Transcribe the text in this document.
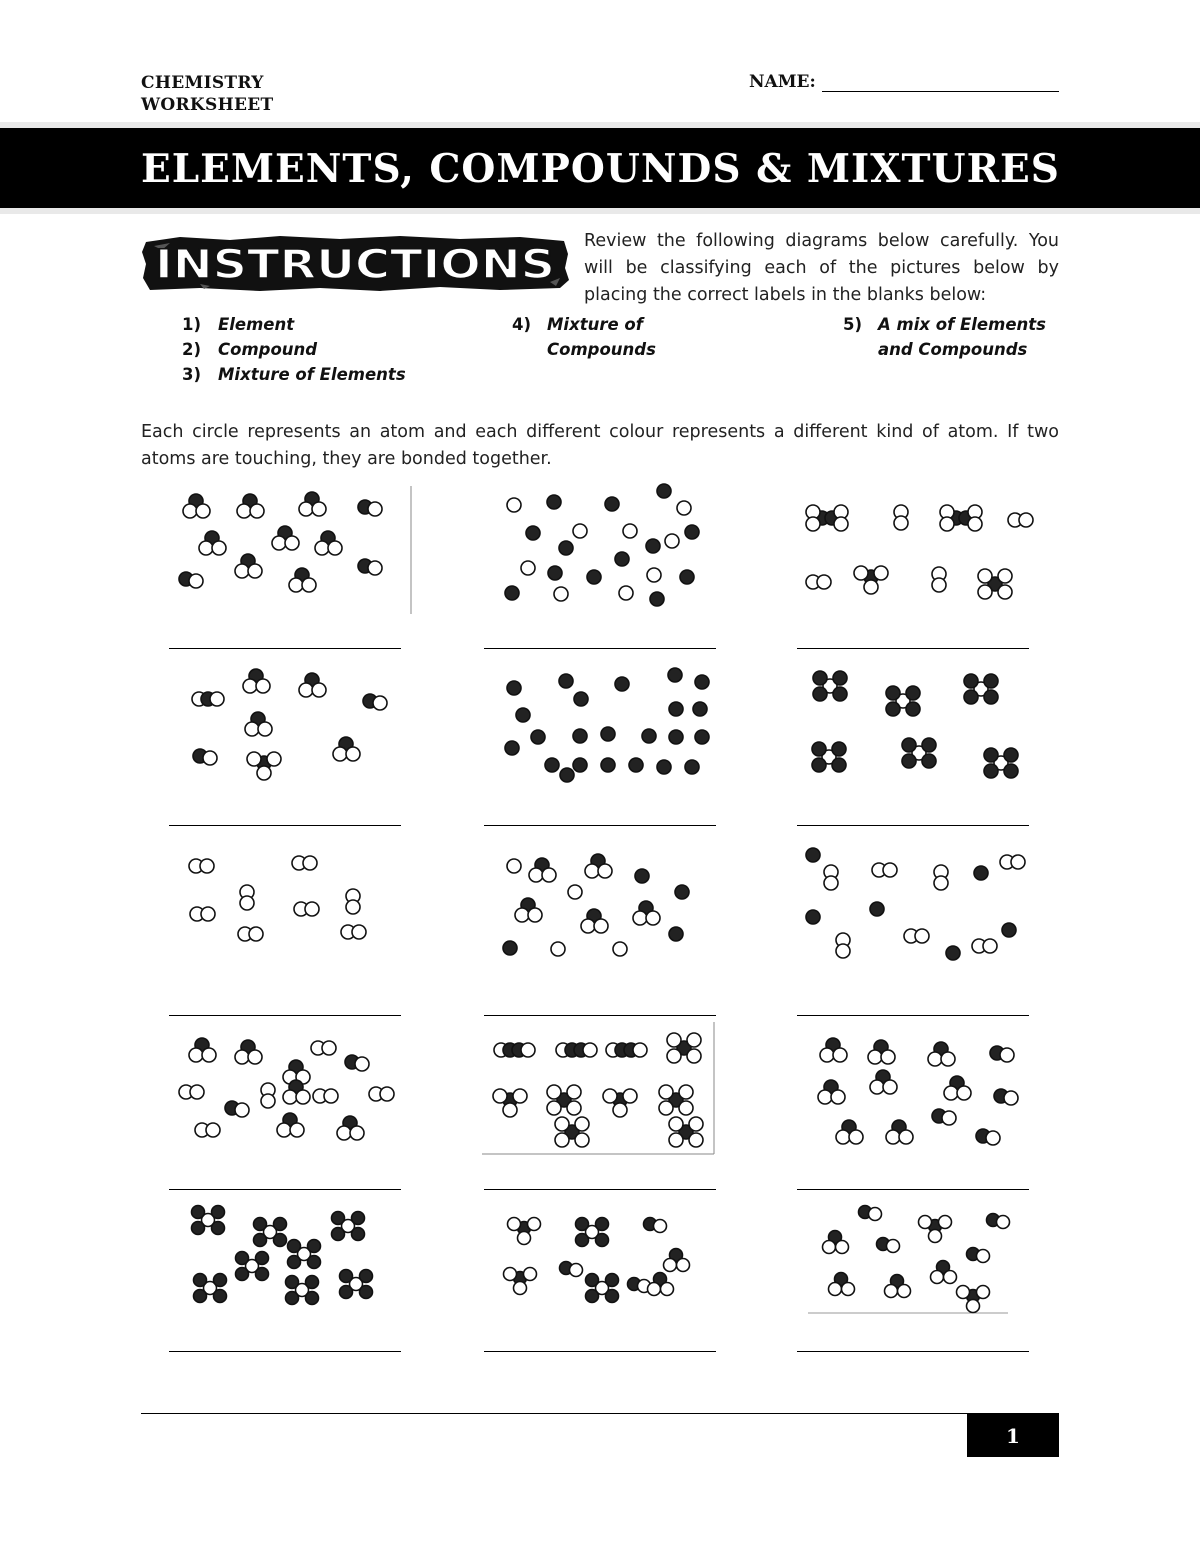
CHEMISTRY
WORKSHEET
NAME:
ELEMENTS, COMPOUNDS & MIXTURES
INSTRUCTIONS
Review the following diagrams below carefully. You will be classifying each of the pictures below by placing the correct labels in the blanks below:
1) Element
2) Compound
3) Mixture of Elements
4) Mixture of
Compounds
5) A mix of Elements
and Compounds
Each circle represents an atom and each different colour represents a different kind of atom. If two atoms are touching, they are bonded together.
1
